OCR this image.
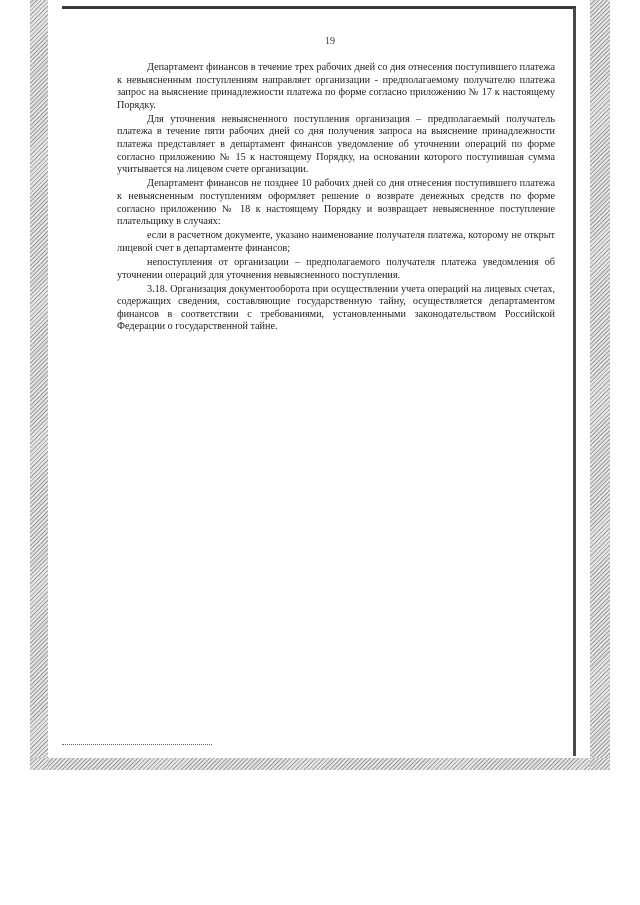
19

Департамент финансов в течение трех рабочих дней со дня отнесения поступившего платежа к невыясненным поступлениям направляет организации - предполагаемому получателю платежа запрос на выяснение принадлежности платежа по форме согласно приложению № 17 к настоящему Порядку.

Для уточнения невыясненного поступления организация – предполагаемый получатель платежа в течение пяти рабочих дней со дня получения запроса на выяснение принадлежности платежа представляет в департамент финансов уведомление об уточнении операций по форме согласно приложению № 15 к настоящему Порядку, на основании которого поступившая сумма учитывается на лицевом счете организации.

Департамент финансов не позднее 10 рабочих дней со дня отнесения поступившего платежа к невыясненным поступлениям оформляет решение о возврате денежных средств по форме согласно приложению № 18 к настоящему Порядку и возвращает невыясненное поступление плательщику в случаях:

если в расчетном документе, указано наименование получателя платежа, которому не открыт лицевой счет в департаменте финансов;

непоступления от организации – предполагаемого получателя платежа уведомления об уточнении операций для уточнения невыясненного поступления.

3.18. Организация документооборота при осуществлении учета операций на лицевых счетах, содержащих сведения, составляющие государственную тайну, осуществляется департаментом финансов в соответствии с требованиями, установленными законодательством Российской Федерации о государственной тайне.
